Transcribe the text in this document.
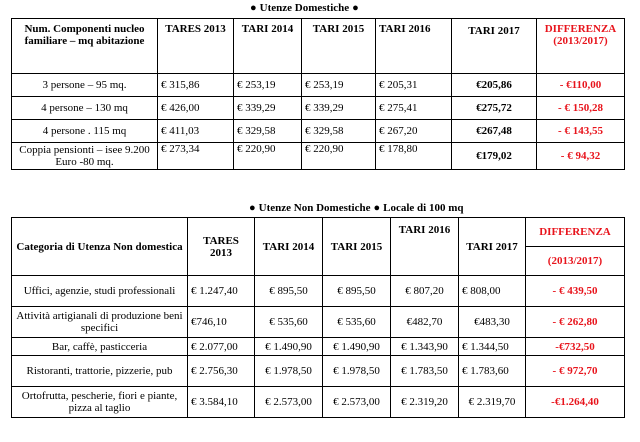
● Utenze Domestiche ●
Num. Componenti nucleo familiare – mq abitazione	TARES 2013	TARI 2014	TARI 2015	TARI 2016	TARI 2017	DIFFERENZA (2013/2017)
3 persone – 95 mq.	€ 315,86	€ 253,19	€ 253,19	€ 205,31	€205,86	- €110,00
4 persone – 130 mq	€ 426,00	€ 339,29	€ 339,29	€ 275,41	€275,72	- € 150,28
4 persone . 115 mq	€ 411,03	€ 329,58	€ 329,58	€ 267,20	€267,48	- € 143,55
Coppia pensionti – isee 9.200 Euro -80 mq.	€ 273,34	€ 220,90	€ 220,90	€ 178,80	€179,02	- € 94,32
● Utenze Non Domestiche ● Locale di 100 mq
Categoria di Utenza Non domestica	TARES 2013	TARI 2014	TARI 2015	TARI 2016	TARI 2017	DIFFERENZA
						(2013/2017)
Uffici, agenzie, studi professionali	€ 1.247,40	€ 895,50	€ 895,50	€ 807,20	€ 808,00	- € 439,50
Attività artigianali di produzione beni specifici	€746,10	€ 535,60	€ 535,60	€482,70	€483,30	- € 262,80
Bar, caffè, pasticceria	€ 2.077,00	€ 1.490,90	€ 1.490,90	€ 1.343,90	€ 1.344,50	-€732,50
Ristoranti, trattorie, pizzerie, pub	€ 2.756,30	€ 1.978,50	€ 1.978,50	€ 1.783,50	€ 1.783,60	- € 972,70
Ortofrutta, pescherie, fiori e piante, pizza al taglio	€ 3.584,10	€ 2.573,00	€ 2.573,00	€ 2.319,20	€ 2.319,70	-€1.264,40
